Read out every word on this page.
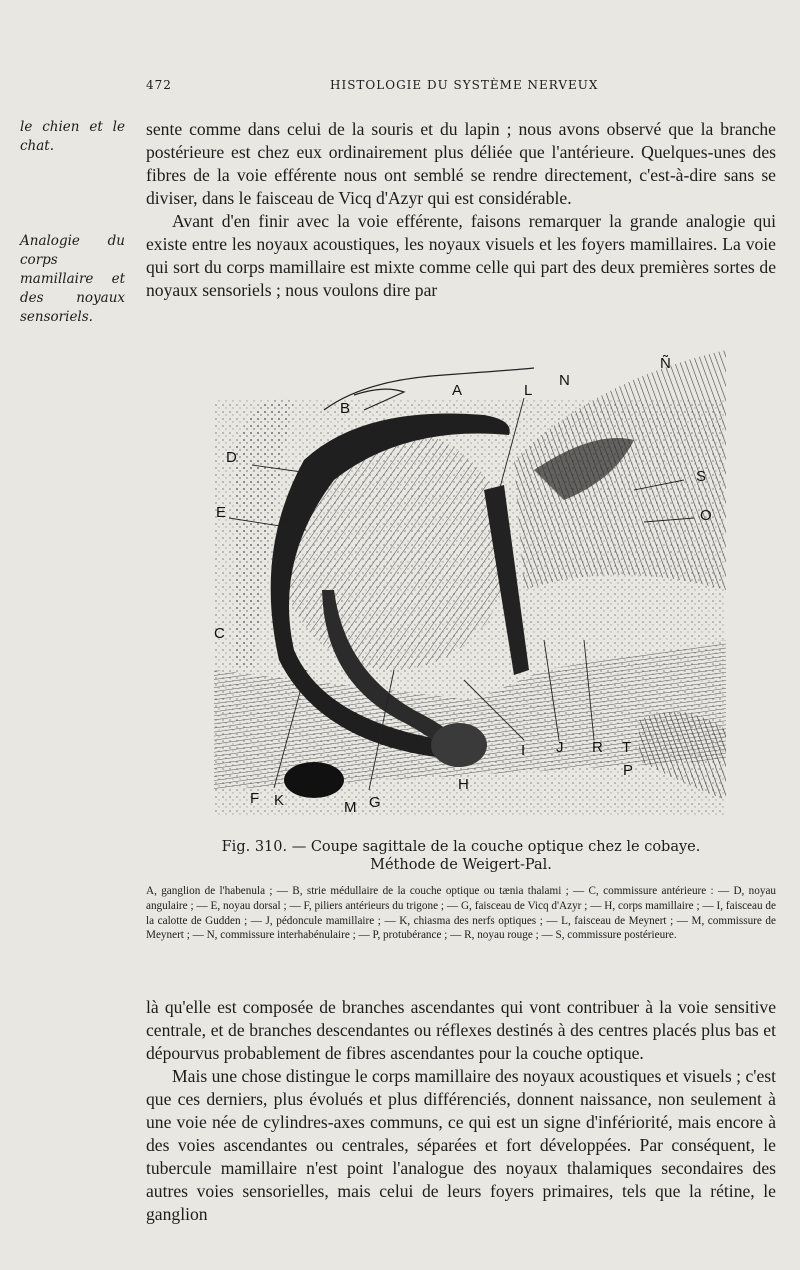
472	HISTOLOGIE DU SYSTÈME NERVEUX
le chien et le chat.
Analogie du corps mamillaire et des noyaux sensoriels.

sente comme dans celui de la souris et du lapin ; nous avons observé que la branche postérieure est chez eux ordinairement plus déliée que l'antérieure. Quelques-unes des fibres de la voie efférente nous ont semblé se rendre directement, c'est-à-dire sans se diviser, dans le faisceau de Vicq d'Azyr qui est considérable.

Avant d'en finir avec la voie efférente, faisons remarquer la grande analogie qui existe entre les noyaux acoustiques, les noyaux visuels et les foyers mamillaires. La voie qui sort du corps mamillaire est mixte comme celle qui part des deux premières sortes de noyaux sensoriels ; nous voulons dire par

A
B
C
D
E
F	G
H
I J
K
L
M
N
Ñ
O
P
R
S
T
Fig. 310. — Coupe sagittale de la couche optique chez le cobaye.
Méthode de Weigert-Pal.

A, ganglion de l'habenula ; — B, strie médullaire de la couche optique ou tænia thalami ; — C, commissure antérieure : — D, noyau angulaire ; — E, noyau dorsal ; — F, piliers antérieurs du trigone ; — G, faisceau de Vicq d'Azyr ; — H, corps mamillaire ; — I, faisceau de la calotte de Gudden ; — J, pédoncule mamillaire ; — K, chiasma des nerfs optiques ; — L, faisceau de Meynert ; — M, commissure de Meynert ; — N, commissure interhabénulaire ; — P, protubérance ; — R, noyau rouge ; — S, commissure postérieure.

là qu'elle est composée de branches ascendantes qui vont contribuer à la voie sensitive centrale, et de branches descendantes ou réflexes destinés à des centres placés plus bas et dépourvus probablement de fibres ascendantes pour la couche optique.

Mais une chose distingue le corps mamillaire des noyaux acoustiques et visuels ; c'est que ces derniers, plus évolués et plus différenciés, donnent naissance, non seulement à une voie née de cylindres-axes communs, ce qui est un signe d'infériorité, mais encore à des voies ascendantes ou centrales, séparées et fort développées. Par conséquent, le tubercule mamillaire n'est point l'analogue des noyaux thalamiques secondaires des autres voies sensorielles, mais celui de leurs foyers primaires, tels que la rétine, le ganglion
